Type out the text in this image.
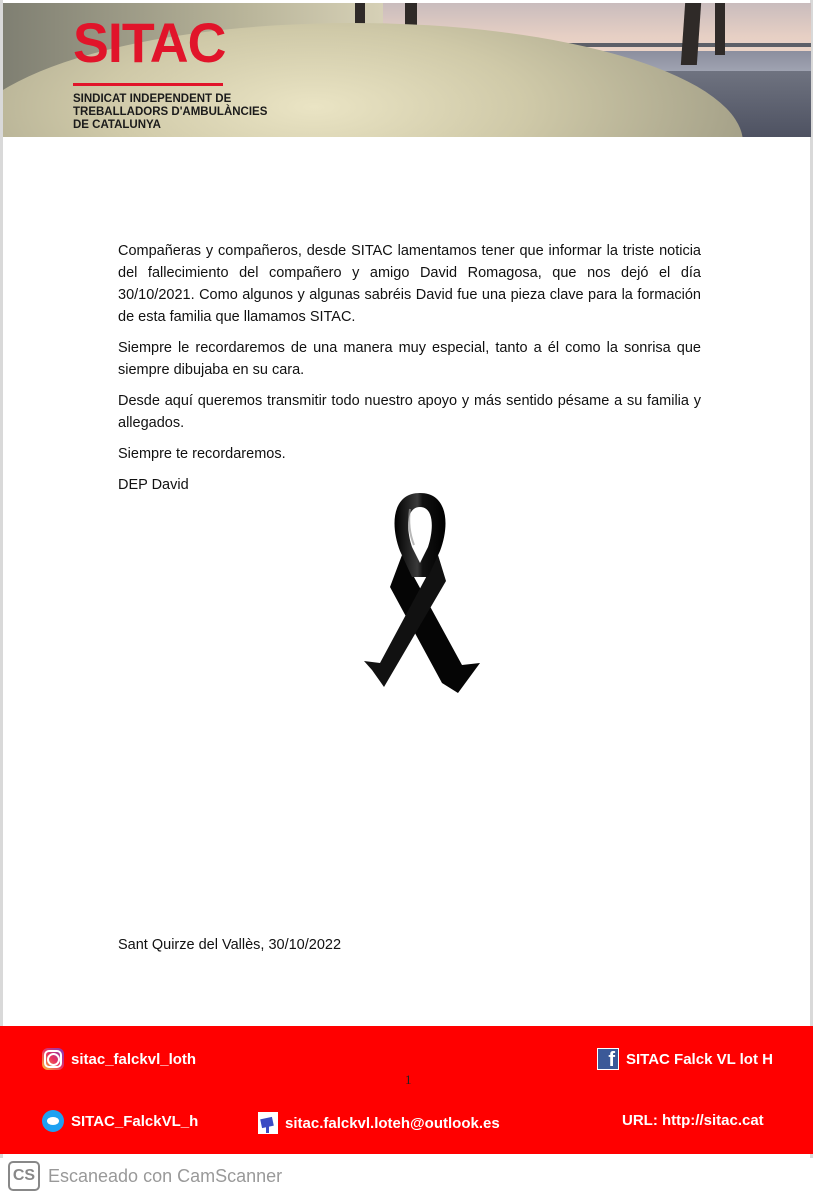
SITAC
SINDICAT INDEPENDENT DE
TREBALLADORS D'AMBULÀNCIES
DE CATALUNYA

Compañeras y compañeros, desde SITAC lamentamos tener que informar la triste noticia del fallecimiento del compañero y amigo David Romagosa, que nos dejó el día 30/10/2021. Como algunos y algunas sabréis David fue una pieza clave para la formación de esta familia que llamamos SITAC.

Siempre le recordaremos de una manera muy especial, tanto a él como la sonrisa que siempre dibujaba en su cara.

Desde aquí queremos transmitir todo nuestro apoyo y más sentido pésame a su familia y allegados.

Siempre te recordaremos.

DEP David

Sant Quirze del Vallès, 30/10/2022
sitac_falckvl_loth
f	SITAC Falck VL lot H
SITAC_FalckVL_h	sitac.falckvl.loteh@outlook.es	URL: http://sitac.cat
1
CS Escaneado con CamScanner
